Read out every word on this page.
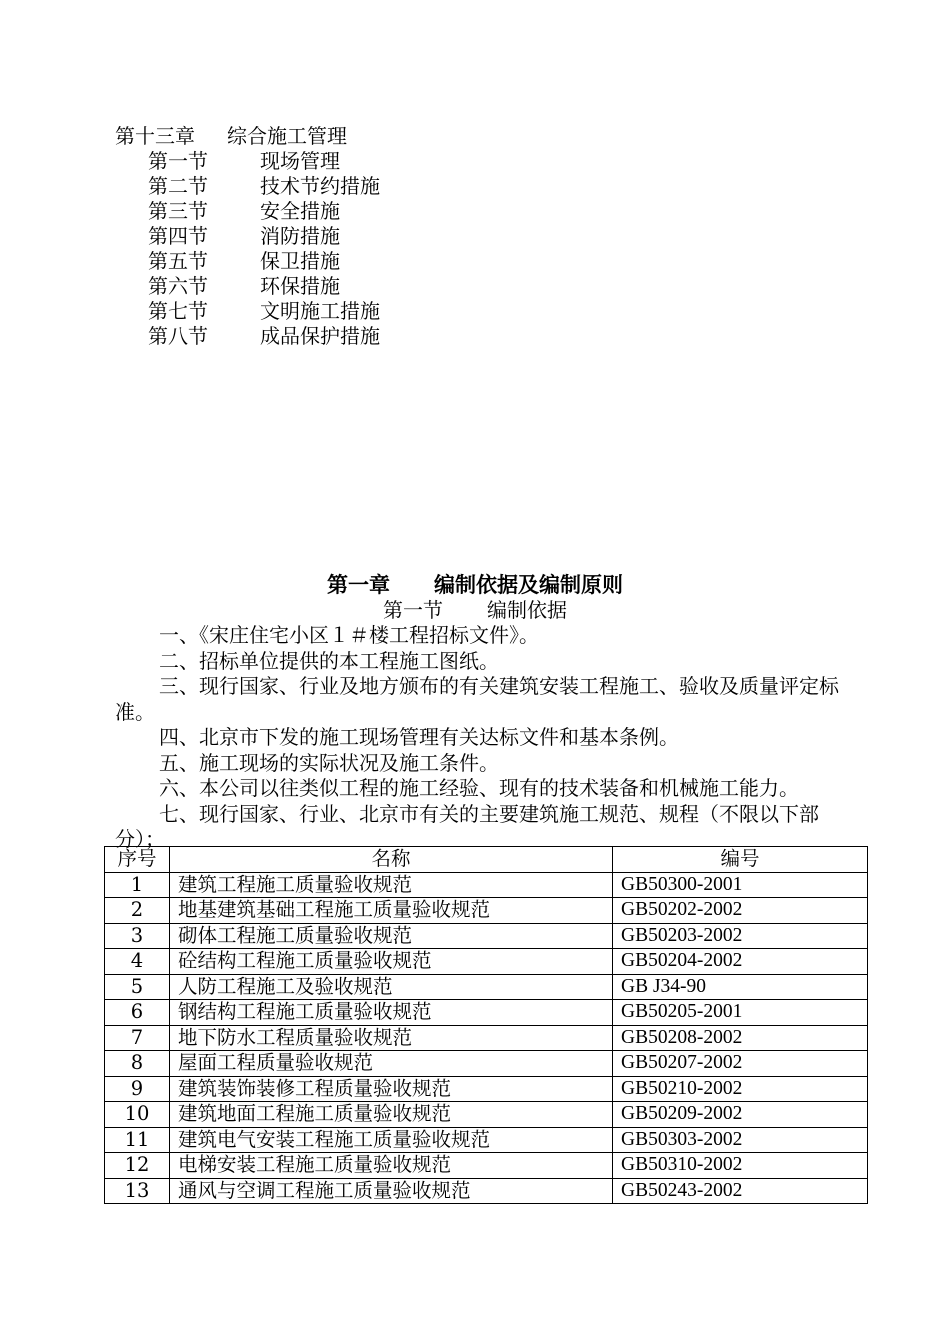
第十三章 综合施工管理
第一节	现场管理
第二节	技术节约措施
第三节	安全措施
第四节	消防措施
第五节	保卫措施
第六节	环保措施
第七节	文明施工措施
第八节	成品保护措施
第一章 编制依据及编制原则
第一节 编制依据

一、《宋庄住宅小区１＃楼工程招标文件》。

二、招标单位提供的本工程施工图纸。

三、现行国家、行业及地方颁布的有关建筑安装工程施工、验收及质量评定标准。

四、北京市下发的施工现场管理有关达标文件和基本条例。

五、施工现场的实际状况及施工条件。

六、本公司以往类似工程的施工经验、现有的技术装备和机械施工能力。

七、现行国家、行业、北京市有关的主要建筑施工规范、规程（不限以下部分）；

序号	名称	编号
1	建筑工程施工质量验收规范	GB50300-2001
2	地基建筑基础工程施工质量验收规范	GB50202-2002
3	砌体工程施工质量验收规范	GB50203-2002
4	砼结构工程施工质量验收规范	GB50204-2002
5	人防工程施工及验收规范	GB J34-90
6	钢结构工程施工质量验收规范	GB50205-2001
7	地下防水工程质量验收规范	GB50208-2002
8	屋面工程质量验收规范	GB50207-2002
9	建筑装饰装修工程质量验收规范	GB50210-2002
10	建筑地面工程施工质量验收规范	GB50209-2002
11	建筑电气安装工程施工质量验收规范	GB50303-2002
12	电梯安装工程施工质量验收规范	GB50310-2002
13	通风与空调工程施工质量验收规范	GB50243-2002
